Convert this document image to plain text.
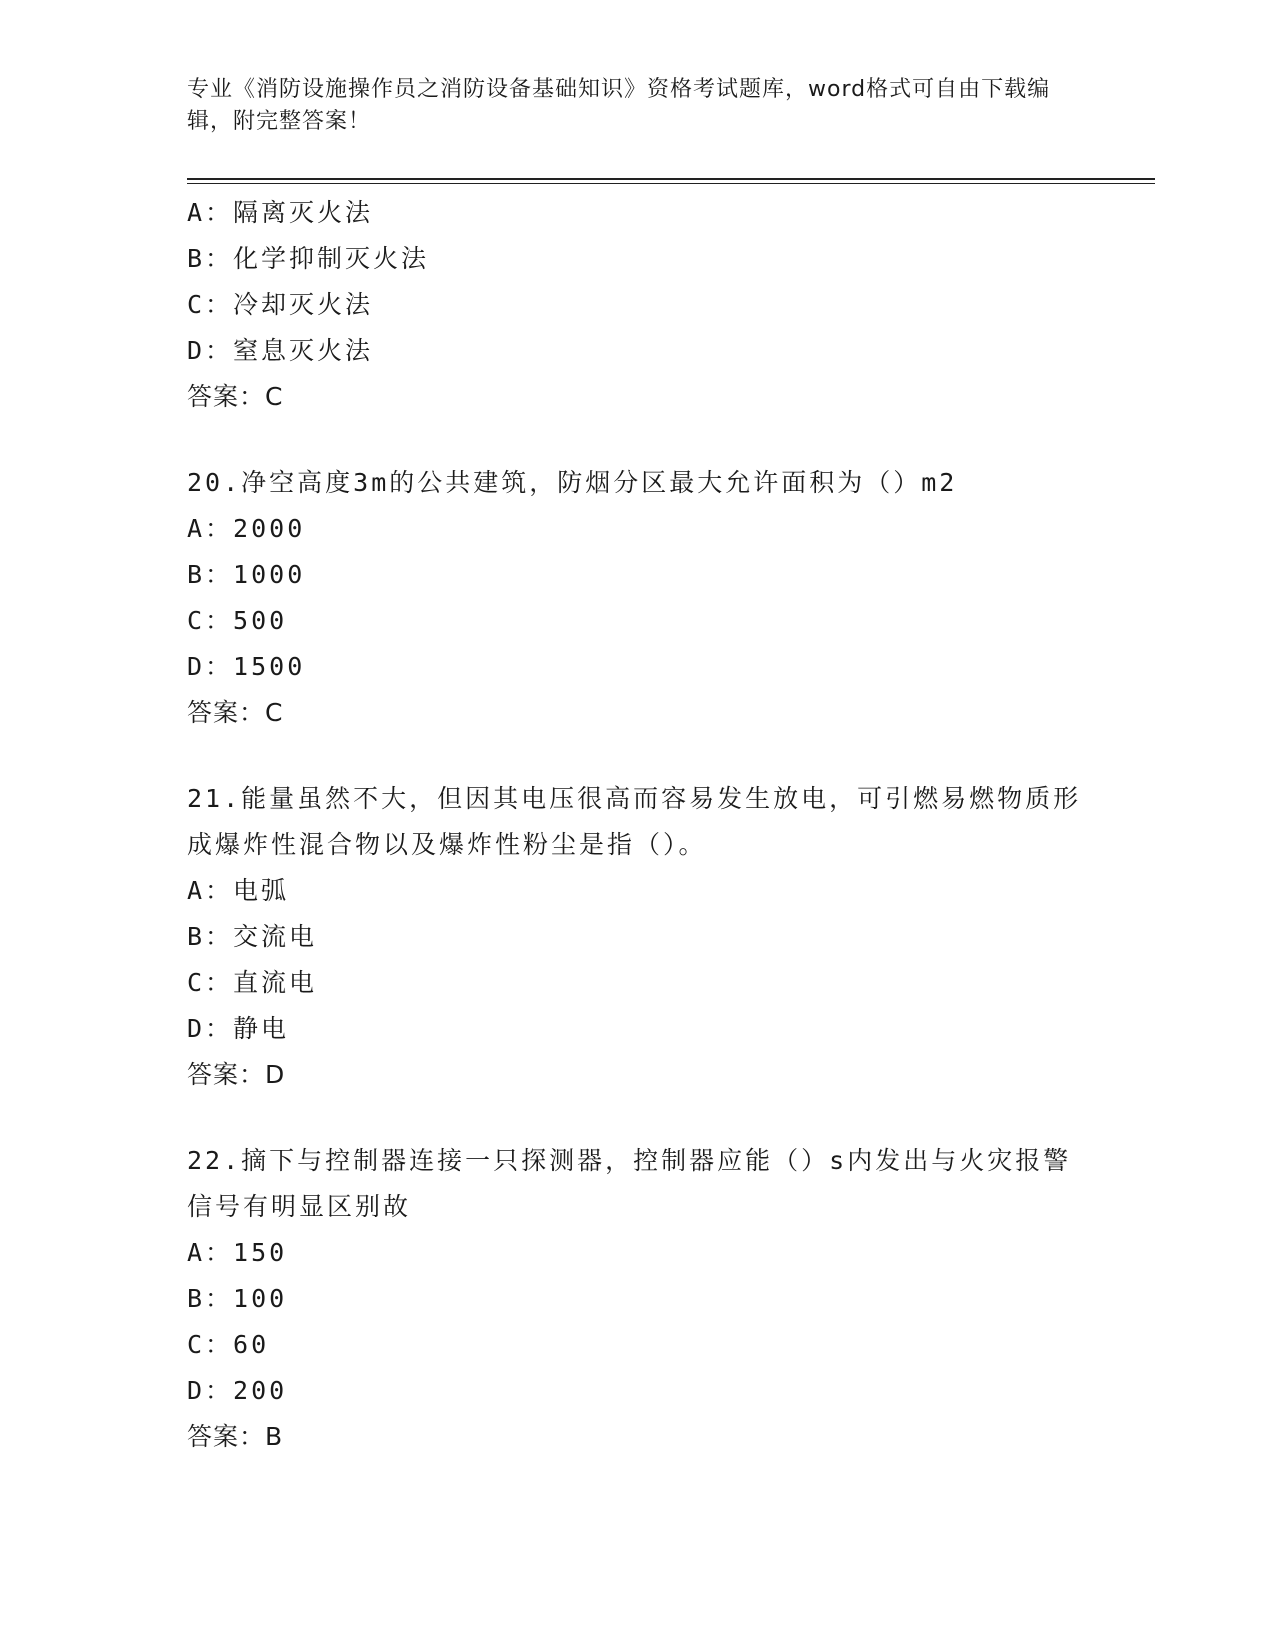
专业《消防设施操作员之消防设备基础知识》资格考试题库，word格式可自由下载编辑，附完整答案！
A：隔离灭火法
B：化学抑制灭火法
C：冷却灭火法
D：窒息灭火法
答案：C
20.净空高度3m的公共建筑，防烟分区最大允许面积为（）m2
A：2000
B：1000
C：500
D：1500
答案：C
21.能量虽然不大，但因其电压很高而容易发生放电，可引燃易燃物质形成爆炸性混合物以及爆炸性粉尘是指（）。
A：电弧
B：交流电
C：直流电
D：静电
答案：D
22.摘下与控制器连接一只探测器，控制器应能（）s内发出与火灾报警信号有明显区别故
A：150
B：100
C：60
D：200
答案：B
